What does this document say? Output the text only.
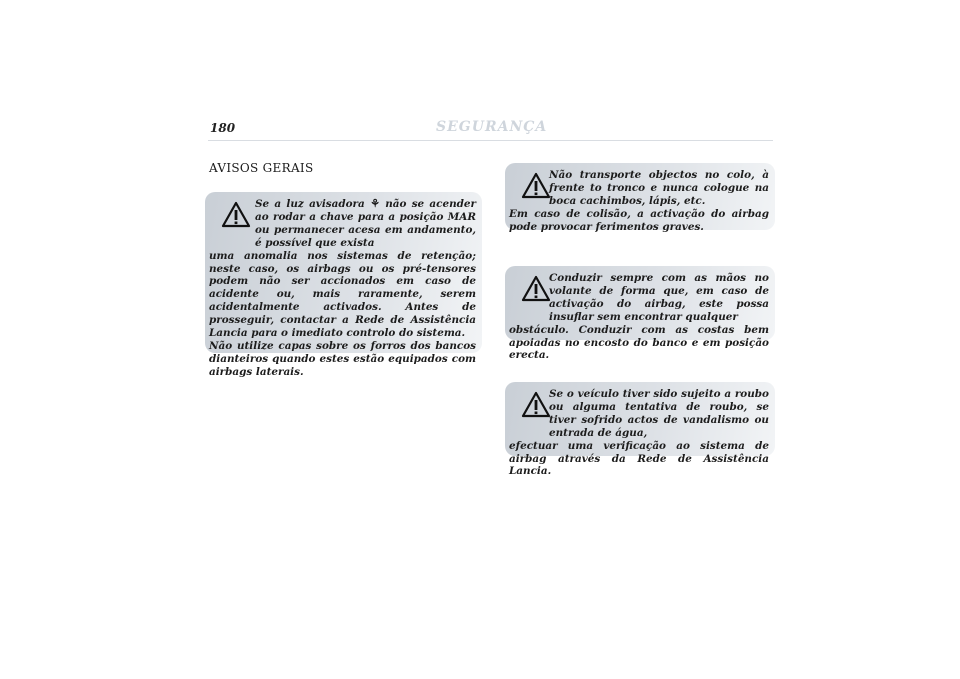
180	SEGURANÇA
AVISOS GERAIS
Se a luz avisadora ⚘ não se acender ao rodar a chave para a posição MAR ou permanecer acesa em andamento, é possível que exista

uma anomalia nos sistemas de retenção; neste caso, os airbags ou os pré-tensores podem não ser accionados em caso de acidente ou, mais raramente, serem acidentalmente activados. Antes de prosseguir, contactar a Rede de Assistência Lancia para o imediato controlo do sistema.

Não utilize capas sobre os forros dos bancos dianteiros quando estes estão equipados com airbags laterais.

Não transporte objectos no colo, à frente to tronco e nunca cologue na boca cachimbos, lápis, etc.

Em caso de colisão, a activação do airbag pode provocar ferimentos graves.

Conduzir sempre com as mãos no volante de forma que, em caso de activação do airbag, este possa insuflar sem encontrar qualquer

obstáculo. Conduzir com as costas bem apoiadas no encosto do banco e em posição erecta.

Se o veículo tiver sido sujeito a roubo ou alguma tentativa de roubo, se tiver sofrido actos de vandalismo ou entrada de água,

efectuar uma verificação ao sistema de airbag através da Rede de Assistência Lancia.
